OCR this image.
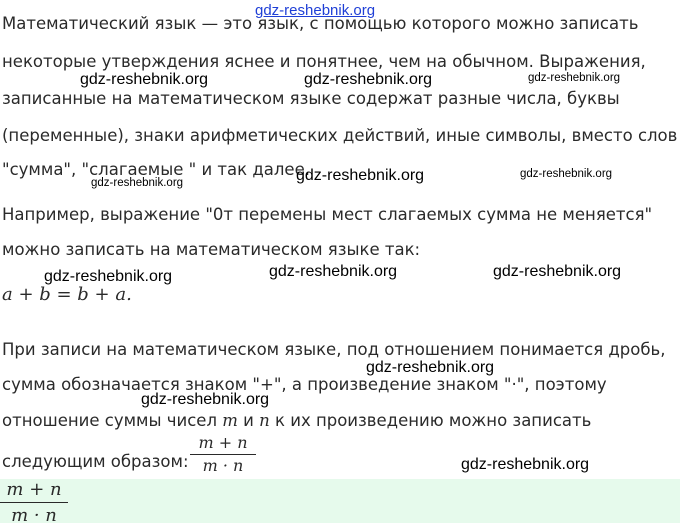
Математический язык — это язык, с помощью которого можно записать
некоторые утверждения яснее и понятнее, чем на обычном. Выражения,
записанные на математическом языке содержат разные числа, буквы
(переменные), знаки арифметических действий, иные символы, вместо слов
"сумма", "слагаемые " и так далее.
Например, выражение "0т перемены мест слагаемых сумма не меняется"
можно записать на математическом языке так:
a + b = b + a.
При записи на математическом языке, под отношением понимается дробь,
сумма обозначается знаком "+", а произведение знаком "·", поэтому
отношение суммы чисел m и n к их произведению можно записать
следующим образом:
m + n
m · n
m + n
m · n
gdz-reshebnik.org
gdz-reshebnik.org	gdz-reshebnik.org	gdz-reshebnik.org
gdz-reshebnik.org	gdz-reshebnik.org	gdz-reshebnik.org
gdz-reshebnik.org	gdz-reshebnik.org	gdz-reshebnik.org
gdz-reshebnik.org
gdz-reshebnik.org
gdz-reshebnik.org
